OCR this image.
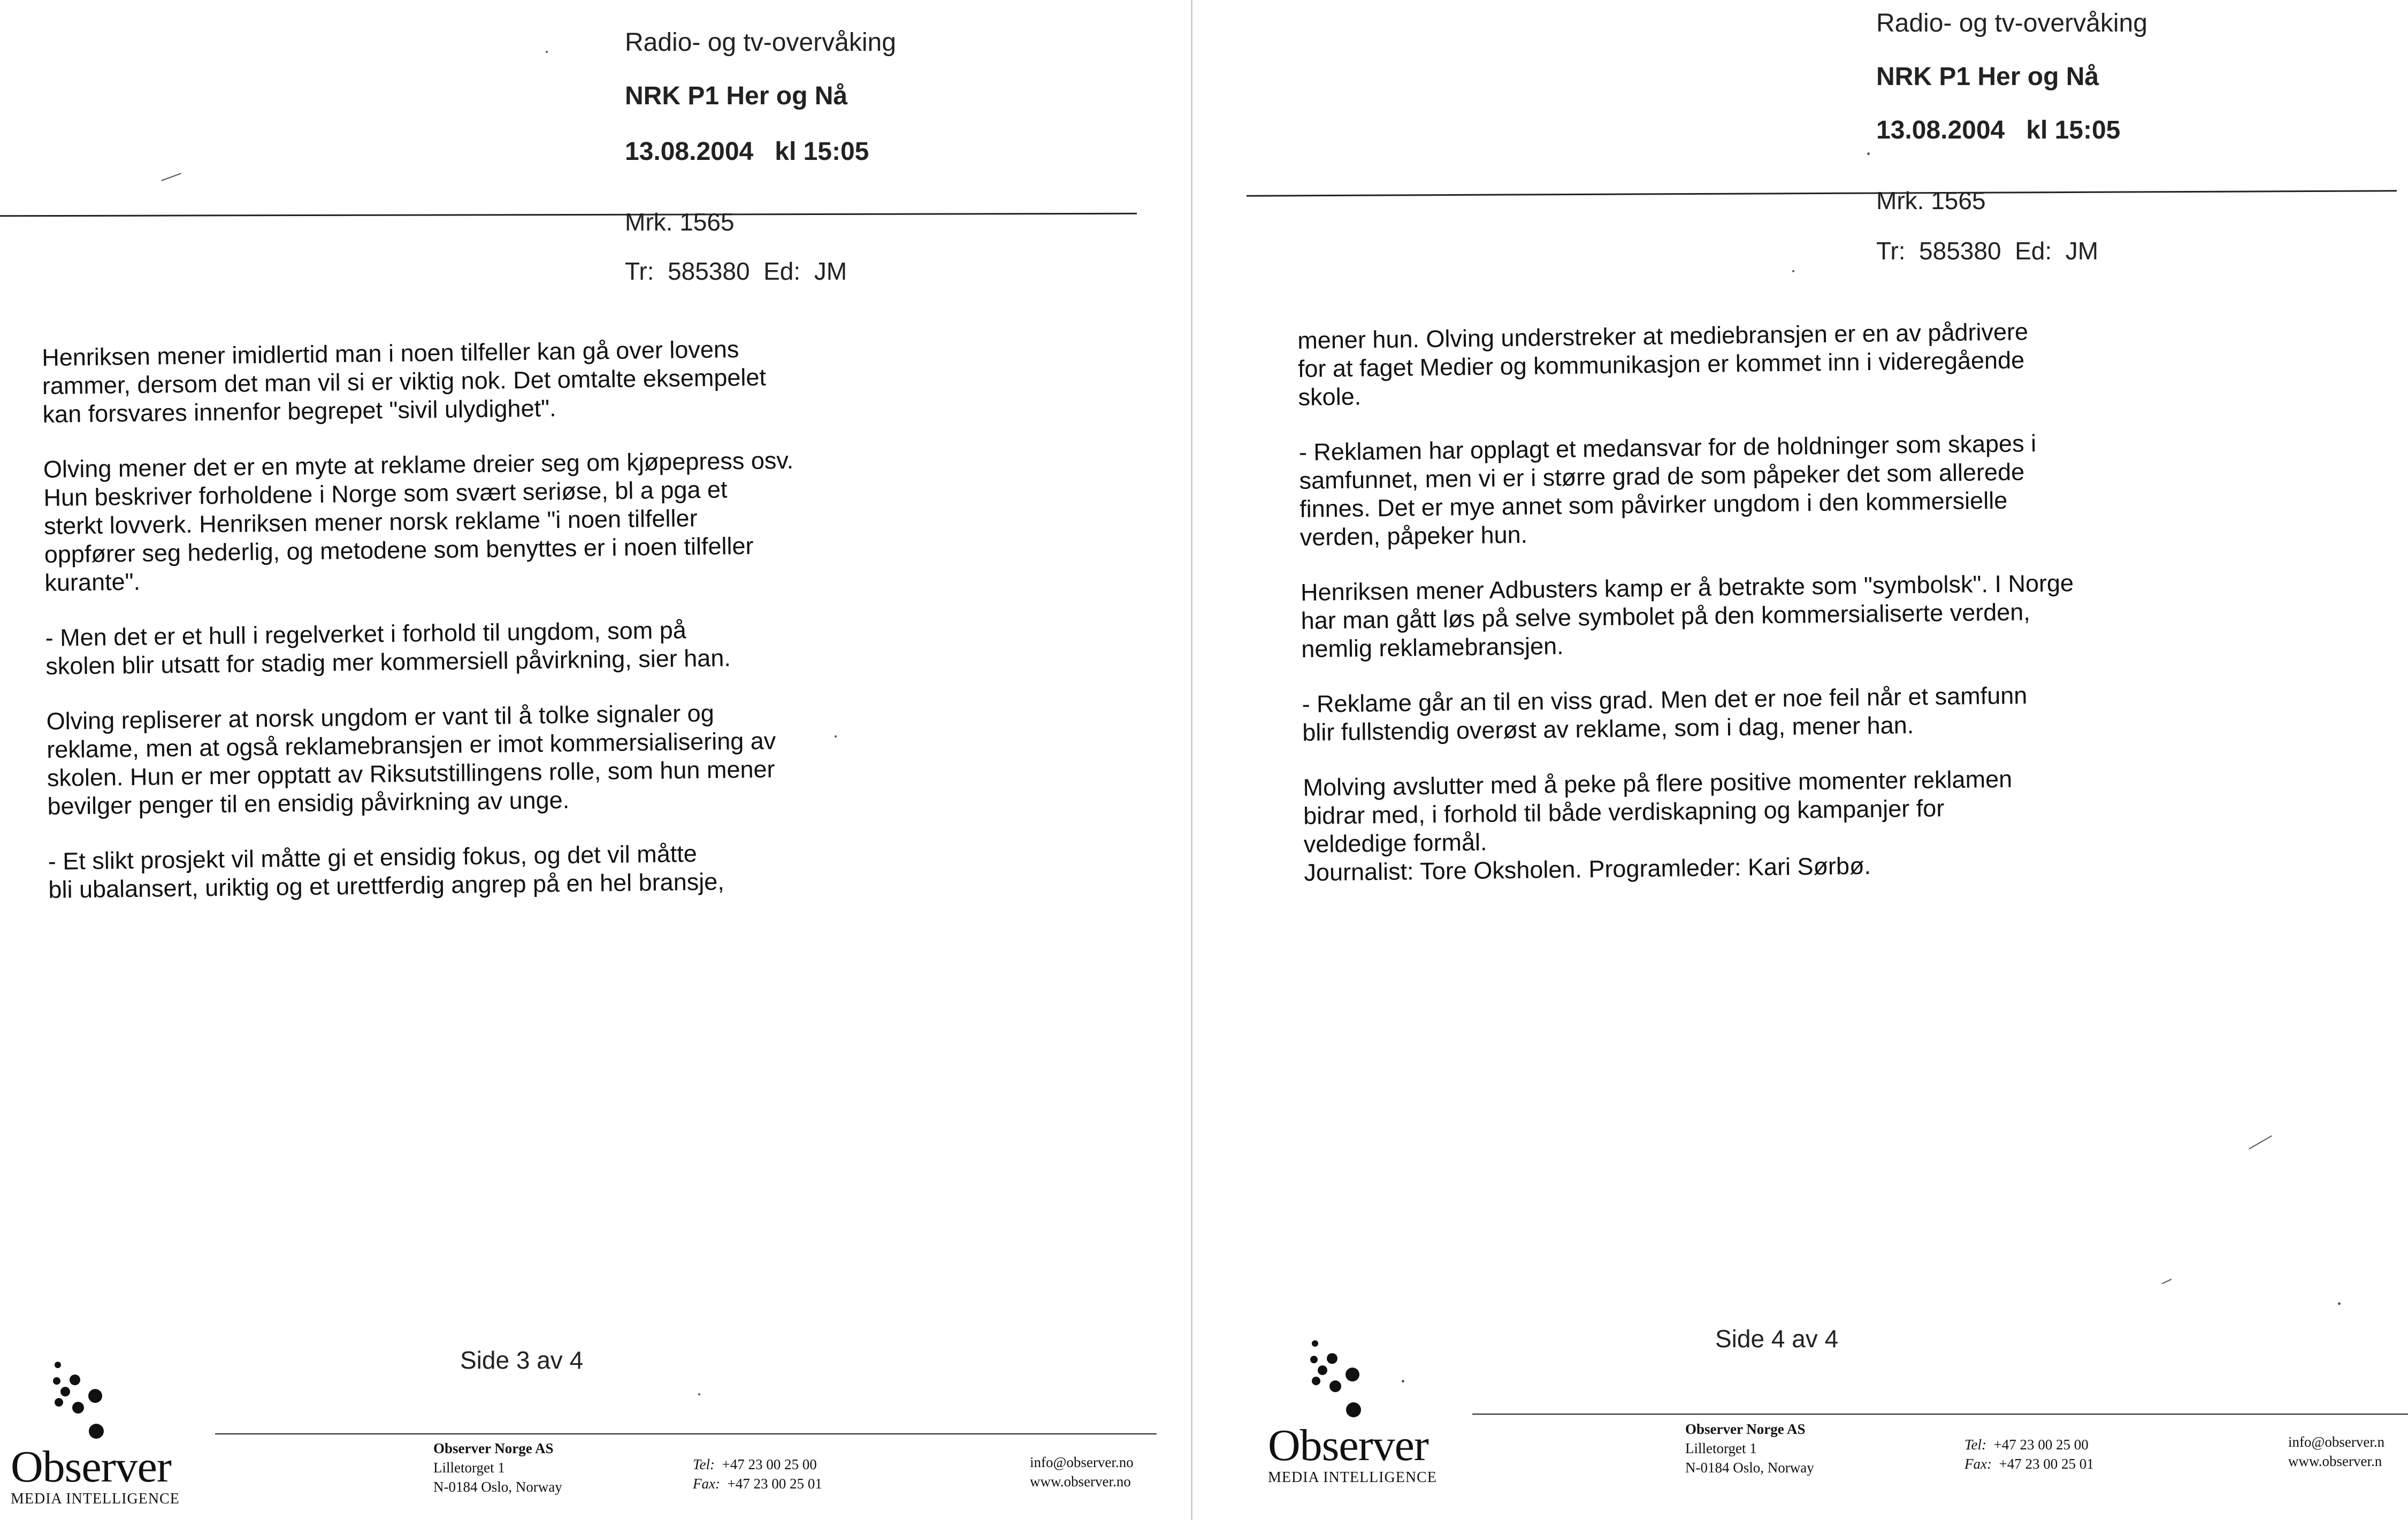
Radio- og tv-overvåking
NRK P1 Her og Nå
13.08.2004   kl 15:05
Mrk. 1565
Tr:  585380  Ed:  JM

Henriksen mener imidlertid man i noen tilfeller kan gå over lovens
rammer, dersom det man vil si er viktig nok. Det omtalte eksempelet
kan forsvares innenfor begrepet "sivil ulydighet".

Olving mener det er en myte at reklame dreier seg om kjøpepress osv.
Hun beskriver forholdene i Norge som svært seriøse, bl a pga et
sterkt lovverk. Henriksen mener norsk reklame "i noen tilfeller
oppfører seg hederlig, og metodene som benyttes er i noen tilfeller
kurante".

- Men det er et hull i regelverket i forhold til ungdom, som på
skolen blir utsatt for stadig mer kommersiell påvirkning, sier han.

Olving repliserer at norsk ungdom er vant til å tolke signaler og
reklame, men at også reklamebransjen er imot kommersialisering av
skolen. Hun er mer opptatt av Riksutstillingens rolle, som hun mener
bevilger penger til en ensidig påvirkning av unge.

- Et slikt prosjekt vil måtte gi et ensidig fokus, og det vil måtte
bli ubalansert, uriktig og et urettferdig angrep på en hel bransje,

Side 3 av 4
Observer
MEDIA INTELLIGENCE
Observer Norge AS
Lilletorget 1
N-0184 Oslo, Norway
Tel: +47 23 00 25 00
Fax: +47 23 00 25 01
info@observer.no
www.observer.no
Radio- og tv-overvåking
NRK P1 Her og Nå
13.08.2004   kl 15:05
Mrk. 1565
Tr:  585380  Ed:  JM

mener hun. Olving understreker at mediebransjen er en av pådrivere
for at faget Medier og kommunikasjon er kommet inn i videregående
skole.

- Reklamen har opplagt et medansvar for de holdninger som skapes i
samfunnet, men vi er i større grad de som påpeker det som allerede
finnes. Det er mye annet som påvirker ungdom i den kommersielle
verden, påpeker hun.

Henriksen mener Adbusters kamp er å betrakte som "symbolsk". I Norge
har man gått løs på selve symbolet på den kommersialiserte verden,
nemlig reklamebransjen.

- Reklame går an til en viss grad. Men det er noe feil når et samfunn
blir fullstendig overøst av reklame, som i dag, mener han.

Molving avslutter med å peke på flere positive momenter reklamen
bidrar med, i forhold til både verdiskapning og kampanjer for
veldedige formål.
Journalist: Tore Oksholen. Programleder: Kari Sørbø.

Side 4 av 4
Observer
MEDIA INTELLIGENCE
Observer Norge AS
Lilletorget 1
N-0184 Oslo, Norway
Tel: +47 23 00 25 00
Fax: +47 23 00 25 01
info@observer.n
www.observer.n
